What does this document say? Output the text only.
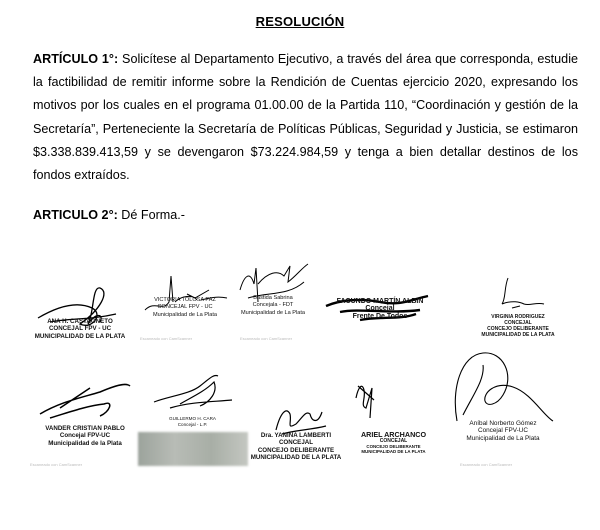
RESOLUCIÓN
ARTÍCULO 1°: Solicítese al Departamento Ejecutivo, a través del área que corresponda, estudie la factibilidad de remitir informe sobre la Rendición de Cuentas ejercicio 2020, expresando los motivos por los cuales en el programa 01.00.00 de la Partida 110, “Coordinación y gestión de la Secretaría”, Perteneciente la Secretaría de Políticas Públicas, Seguridad y Justicia, se estimaron $3.338.839.413,59 y se devengaron $73.224.984,59 y tenga a bien detallar destinos de los fondos extraídos.
ARTICULO 2°: Dé Forma.-
ANA H. CASTAGNETO
CONCEJAL FPV - UC
MUNICIPALIDAD DE LA PLATA
VICTORIA TOLOSA PAZ
CONCEJAL FPV - UC
Municipalidad de La Plata
Bastida Sabrina
Concejala - FDT
Municipalidad de La Plata
FACUNDO MARTÍN ALBIN
Concejal
Frente De Todos	VIRGINIA RODRIGUEZ
CONCEJAL
CONCEJO DELIBERANTE
MUNICIPALIDAD DE LA PLATA
VANDER CRISTIAN PABLO
Concejal FPV-UC
Municipalidad de la Plata
GUILLERMO H. CARA
Concejal - L.P.
Dra. YANINA LAMBERTI
CONCEJAL
CONCEJO DELIBERANTE
MUNICIPALIDAD DE LA PLATA
ARIEL ARCHANCO
CONCEJAL
CONCEJO DELIBERANTE
MUNICIPALIDAD DE LA PLATA
Aníbal Norberto Gómez
Concejal FPV-UC
Municipalidad de La Plata
Escaneado con CamScanner	Escaneado con CamScanner
Escaneado con CamScanner	Escaneado con CamScanner
